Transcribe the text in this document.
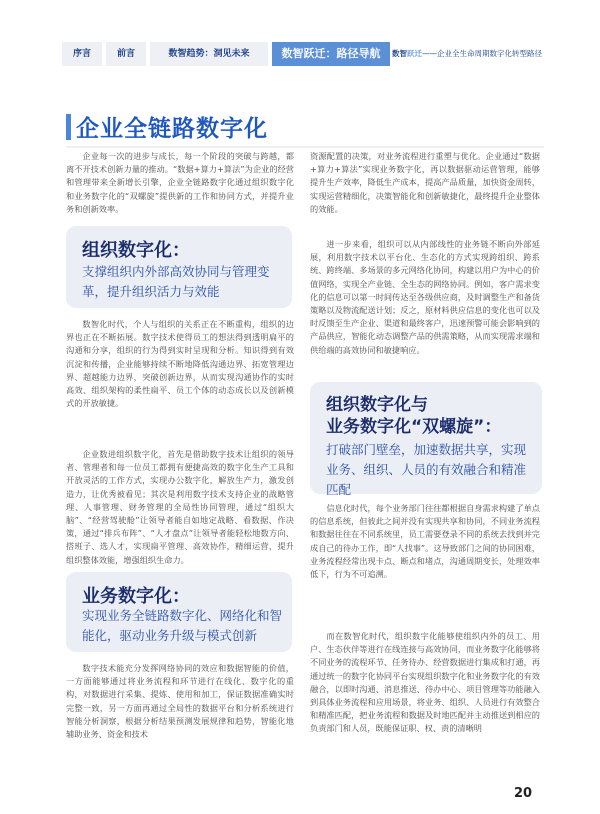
序言	前言	数智趋势：洞见未来	数智跃迁：路径导航	数智跃迁——企业全生命周期数字化转型路径
企业全链路数字化

企业每一次的进步与成长，每一个阶段的突破与跨越，都离不开技术创新力量的推动。“数据+算力+算法”为企业的经营和管理带来全新增长引擎，企业全链路数字化通过组织数字化和业务数字化的“双螺旋”提供新的工作和协同方式，并提升业务和创新效率。

组织数字化：
支撑组织内外部高效协同与管理变革，提升组织活力与效能

数智化时代，个人与组织的关系正在不断重构，组织的边界也正在不断拓展。数字技术使得员工的想法得到透明扁平的沟通和分享，组织的行为得到实时呈现和分析。知识得到有效沉淀和传播，企业能够持续不断地降低沟通边界、拓宽管理边界、超越能力边界，突破创新边界，从而实现沟通协作的实时高效、组织架构的柔性扁平、员工个体的动态成长以及创新模式的开放敏捷。

企业数进组织数字化，首先是借助数字技术让组织的领导者、管理者和每一位员工都拥有便捷高效的数字化生产工具和开放灵活的工作方式，实现办公数字化，解放生产力，激发创造力，让优秀被看见；其次是利用数字技术支持企业的战略管理、人事管理、财务管理的全局性协同管理，通过“组织大脑”、“经营驾驶舱”让领导者能自如地定战略、看数据、作决策，通过“排兵布阵”、“人才盘点”让领导者能轻松地数方向、搭班子、选人才，实现扁平管理、高效协作，精细运营，提升组织整体效能，增强组织生命力。

业务数字化：
实现业务全链路数字化、网络化和智能化，驱动业务升级与模式创新

数字技术能充分发挥网络协同的效应和数据智能的价值，一方面能够通过将业务流程和环节进行在线化、数字化的重构，对数据进行采集、提炼、使用和加工，保证数据准确实时完整一致，另一方面再通过全局性的数据平台和分析系统进行智能分析洞察，根据分析结果预测发展规律和趋势，智能化地辅助业务、资金和技术

资源配置的决策，对业务流程进行重塑与优化。企业通过“数据+算力+算法”实现业务数字化，再以数据驱动运营管理，能够提升生产效率，降低生产成本，提高产品质量，加快资金周转，实现运营精细化，决策智能化和创新敏捷化，最终提升企业整体的效能。

进一步来看，组织可以从内部线性的业务链不断向外部延展，利用数字技术以平台化、生态化的方式实现跨组织、跨系统、跨终端、多场景的多元网络化协同，构建以用户为中心的价值网络，实现全产业链、全生态的网络协同。例如，客户需求变化的信息可以第一时间传达至各级供应商，及时调整生产和备货策略以及物流配送计划；反之，原材料供应信息的变化也可以及时反馈至生产企业、渠道和最终客户，迅速预警可能会影响到的产品供应，智能化动态调整产品的供需策略，从而实现需求端和供给端的高效协同和敏捷响应。

组织数字化与
业务数字化“双螺旋”：
打破部门壁垒，加速数据共享，实现业务、组织、人员的有效融合和精准匹配

信息化时代，每个业务部门往往都根据自身需求构建了单点的信息系统，但彼此之间并没有实现共享和协同，不同业务流程和数据往往在不同系统里，员工需要登录不同的系统去找到并完成自己的待办工作，即“人找事”。这导致部门之间的协同困难，业务流程经常出现卡点、断点和堵点，沟通周期变长，处理效率低下，行为不可追溯。

而在数智化时代，组织数字化能够使组织内外的员工、用户、生态伙伴等进行在线连接与高效协同，而业务数字化能够将不同业务的流程环节、任务待办、经营数据进行集成和打通，再通过统一的数字化协同平台实现组织数字化和业务数字化的有效融合，以即时沟通、消息推送、待办中心、项目管理等功能融入到具体业务流程和应用场景，将业务、组织、人员进行有效整合和精准匹配，把业务流程和数据及时地匹配并主动推送到相应的负责部门和人员，既能保证职、权、责的清晰明

20
